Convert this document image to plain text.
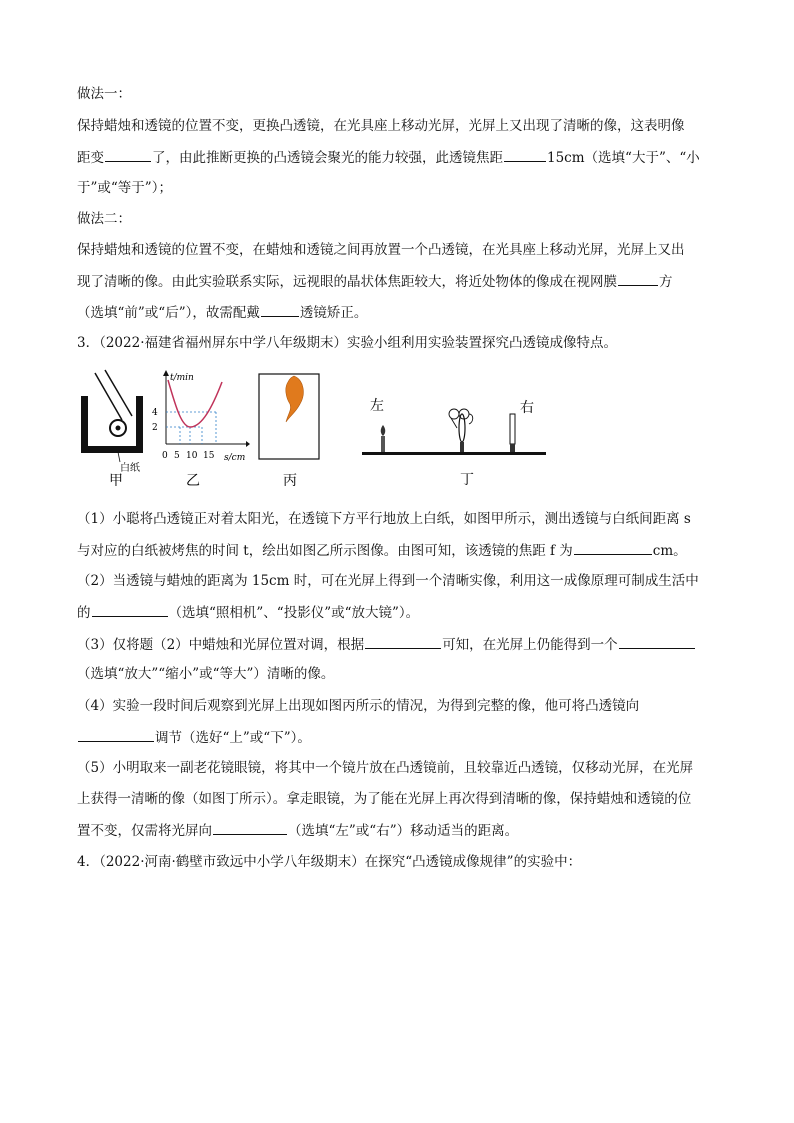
做法一：
保持蜡烛和透镜的位置不变，更换凸透镜，在光具座上移动光屏，光屏上又出现了清晰的像，这表明像
距变	了，由此推断更换的凸透镜会聚光的能力较强，此透镜焦距	15cm（选填“大于”、“小
于”或“等于”）；
做法二：
保持蜡烛和透镜的位置不变，在蜡烛和透镜之间再放置一个凸透镜，在光具座上移动光屏，光屏上又出
现了清晰的像。由此实验联系实际，远视眼的晶状体焦距较大，将近处物体的像成在视网膜	方
（选填“前”或“后”），故需配戴	透镜矫正。
3．（2022·福建省福州屏东中学八年级期末）实验小组利用实验装置探究凸透镜成像特点。
白纸
甲
t/min
s/cm
4
2
0 5 10 15
乙	丙
左	右
丁
（1）小聪将凸透镜正对着太阳光，在透镜下方平行地放上白纸，如图甲所示，测出透镜与白纸间距离 s
与对应的白纸被烤焦的时间 t，绘出如图乙所示图像。由图可知，该透镜的焦距 f 为	cm。
（2）当透镜与蜡烛的距离为 15cm 时，可在光屏上得到一个清晰实像，利用这一成像原理可制成生活中
的	（选填“照相机”、“投影仪”或“放大镜”）。
（3）仅将题（2）中蜡烛和光屏位置对调，根据	可知，在光屏上仍能得到一个
（选填“放大”“缩小”或“等大”）清晰的像。
（4）实验一段时间后观察到光屏上出现如图丙所示的情况，为得到完整的像，他可将凸透镜向
调节（选好“上”或“下”）。
（5）小明取来一副老花镜眼镜，将其中一个镜片放在凸透镜前，且较靠近凸透镜，仅移动光屏，在光屏
上获得一清晰的像（如图丁所示）。拿走眼镜，为了能在光屏上再次得到清晰的像，保持蜡烛和透镜的位
置不变，仅需将光屏向	（选填“左”或“右”）移动适当的距离。
4．（2022·河南·鹤壁市致远中小学八年级期末）在探究“凸透镜成像规律”的实验中：
